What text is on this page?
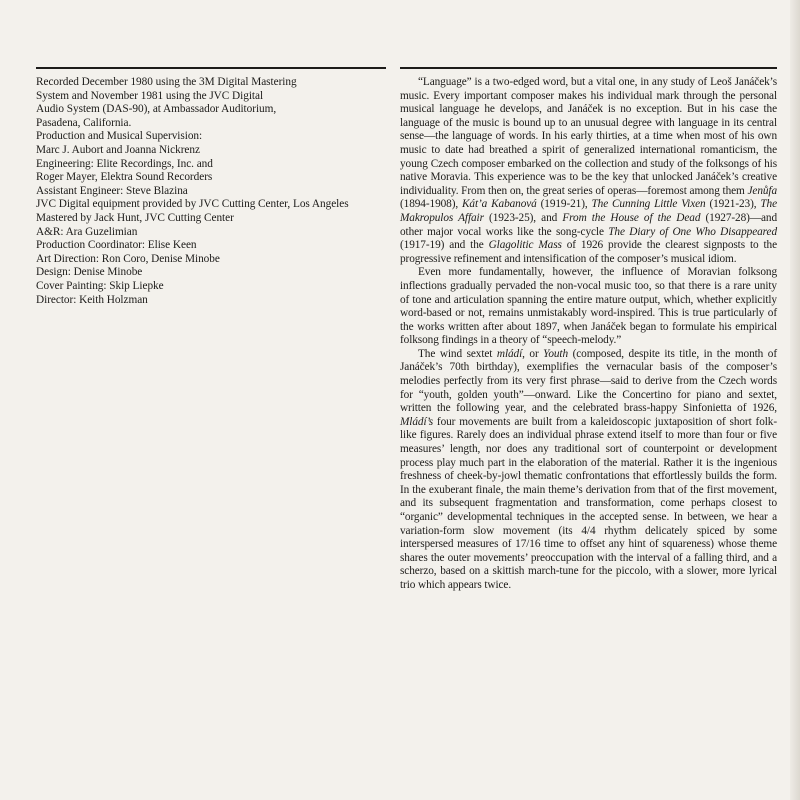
Recorded December 1980 using the 3M Digital Mastering
System and November 1981 using the JVC Digital
Audio System (DAS-90), at Ambassador Auditorium,
Pasadena, California.
Production and Musical Supervision:
Marc J. Aubort and Joanna Nickrenz
Engineering: Elite Recordings, Inc. and
Roger Mayer, Elektra Sound Recorders
Assistant Engineer: Steve Blazina
JVC Digital equipment provided by JVC Cutting Center, Los Angeles
Mastered by Jack Hunt, JVC Cutting Center
A&R: Ara Guzelimian
Production Coordinator: Elise Keen
Art Direction: Ron Coro, Denise Minobe
Design: Denise Minobe
Cover Painting: Skip Liepke
Director: Keith Holzman

“Language” is a two-edged word, but a vital one, in any study of Leoš Janáček’s music. Every important composer makes his individual mark through the personal musical language he develops, and Janáček is no exception. But in his case the language of the music is bound up to an unusual degree with language in its central sense—the language of words. In his early thirties, at a time when most of his own music to date had breathed a spirit of generalized international romanticism, the young Czech composer embarked on the collection and study of the folksongs of his native Moravia. This experience was to be the key that unlocked Janáček’s creative individuality. From then on, the great series of operas—foremost among them Jenůfa (1894-1908), Kát’a Kabanová (1919-21), The Cunning Little Vixen (1921-23), The Makropulos Affair (1923-25), and From the House of the Dead (1927-28)—and other major vocal works like the song-cycle The Diary of One Who Disappeared (1917-19) and the Glagolitic Mass of 1926 provide the clearest signposts to the progressive refinement and intensification of the composer’s musical idiom.

Even more fundamentally, however, the influence of Moravian folksong inflections gradually pervaded the non-vocal music too, so that there is a rare unity of tone and articulation spanning the entire mature output, which, whether explicitly word-based or not, remains unmistakably word-inspired. This is true particularly of the works written after about 1897, when Janáček began to formulate his empirical folksong findings in a theory of “speech-melody.”

The wind sextet mládí, or Youth (composed, despite its title, in the month of Janáček’s 70th birthday), exemplifies the vernacular basis of the composer’s melodies perfectly from its very first phrase—said to derive from the Czech words for “youth, golden youth”—onward. Like the Concertino for piano and sextet, written the following year, and the celebrated brass-happy Sinfonietta of 1926, Mládí’s four movements are built from a kaleidoscopic juxtaposition of short folk-like figures. Rarely does an individual phrase extend itself to more than four or five measures’ length, nor does any traditional sort of counterpoint or development process play much part in the elaboration of the material. Rather it is the ingenious freshness of cheek-by-jowl thematic confrontations that effortlessly builds the form. In the exuberant finale, the main theme’s derivation from that of the first movement, and its subsequent fragmentation and transformation, come perhaps closest to “organic” developmental techniques in the accepted sense. In between, we hear a variation-form slow movement (its 4/4 rhythm delicately spiced by some interspersed measures of 17/16 time to offset any hint of squareness) whose theme shares the outer movements’ preoccupation with the interval of a falling third, and a scherzo, based on a skittish march-tune for the piccolo, with a slower, more lyrical trio which appears twice.
